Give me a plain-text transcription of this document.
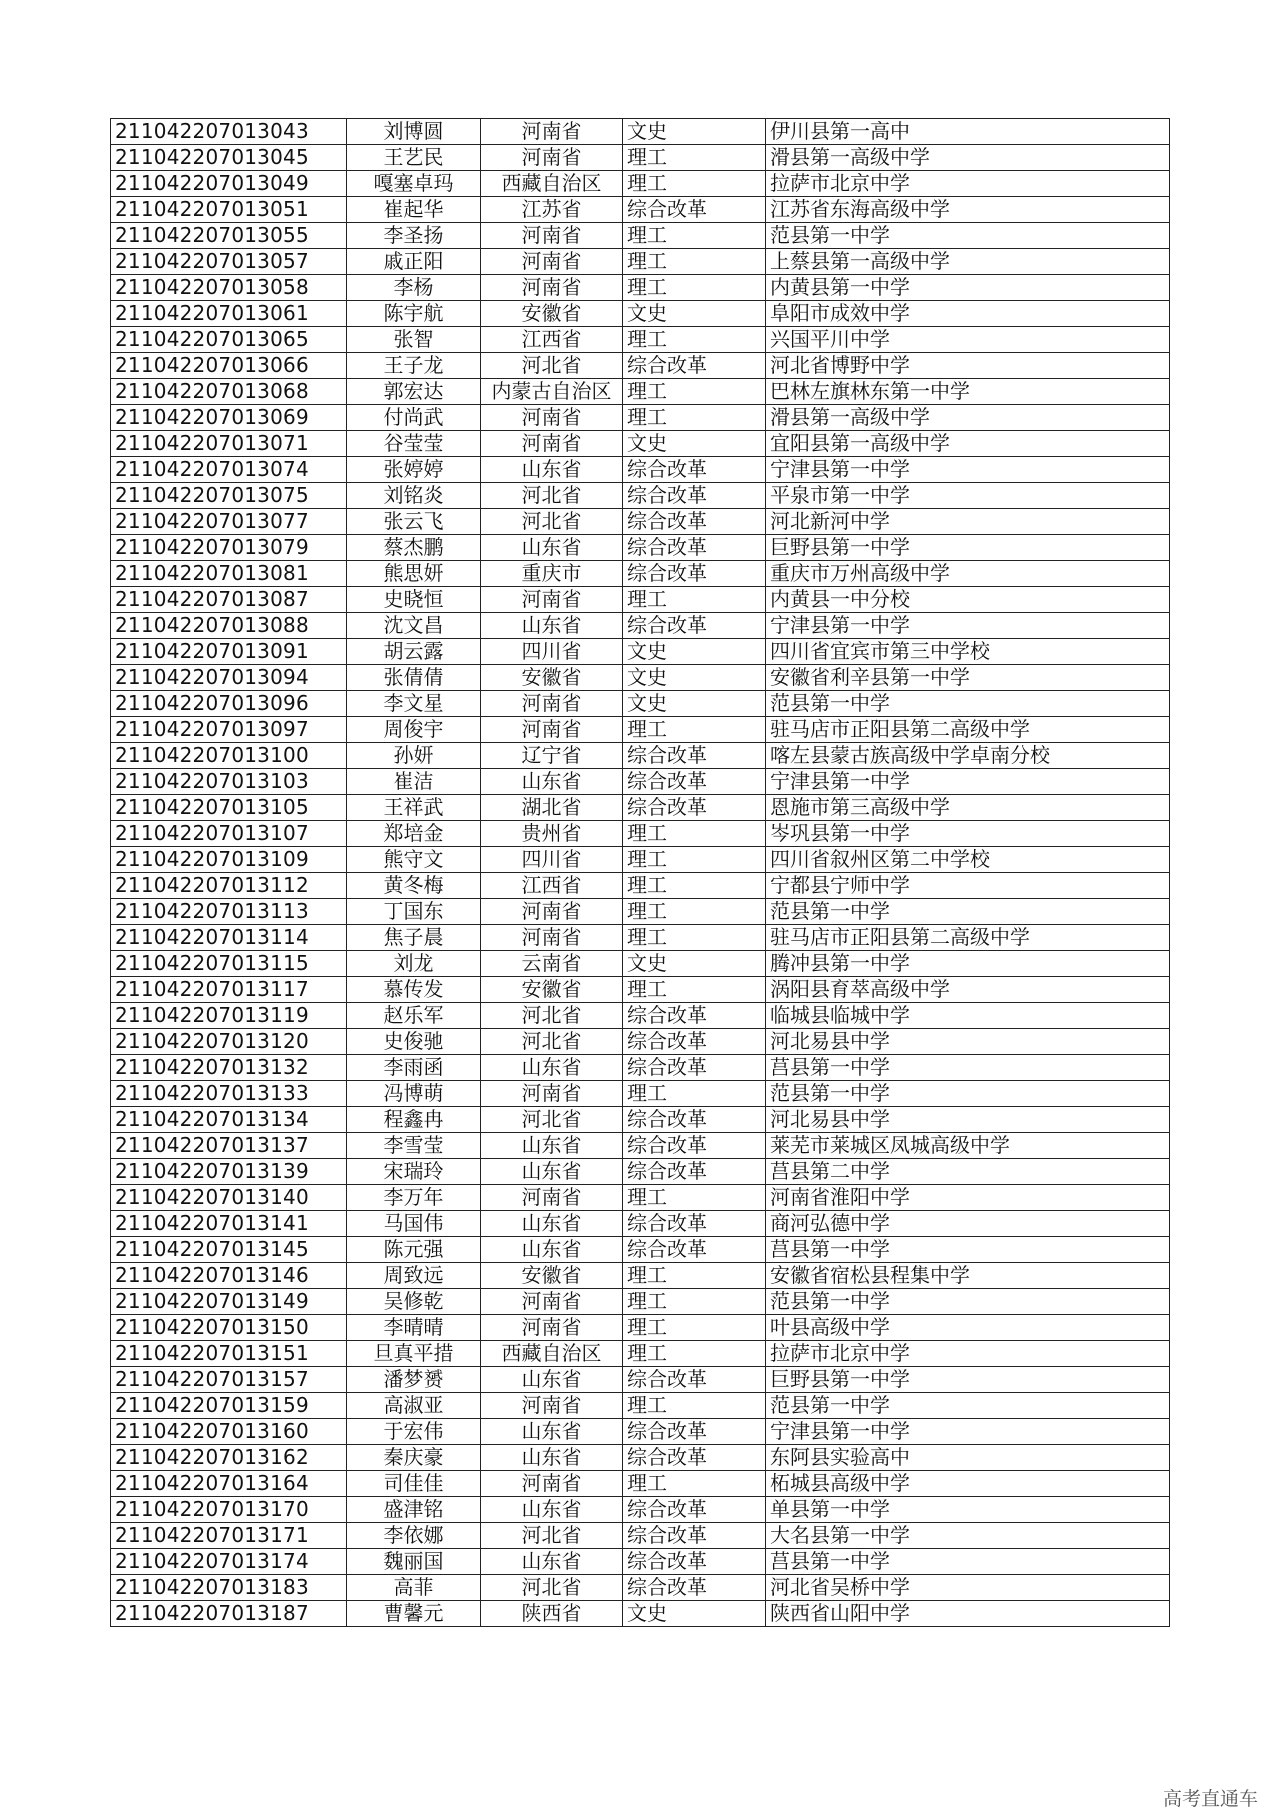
211042207013043	刘博圆	河南省	文史	伊川县第一高中
211042207013045	王艺民	河南省	理工	滑县第一高级中学
211042207013049	嘎塞卓玛	西藏自治区	理工	拉萨市北京中学
211042207013051	崔起华	江苏省	综合改革	江苏省东海高级中学
211042207013055	李圣扬	河南省	理工	范县第一中学
211042207013057	戚正阳	河南省	理工	上蔡县第一高级中学
211042207013058	李杨	河南省	理工	内黄县第一中学
211042207013061	陈宇航	安徽省	文史	阜阳市成效中学
211042207013065	张智	江西省	理工	兴国平川中学
211042207013066	王子龙	河北省	综合改革	河北省博野中学
211042207013068	郭宏达	内蒙古自治区	理工	巴林左旗林东第一中学
211042207013069	付尚武	河南省	理工	滑县第一高级中学
211042207013071	谷莹莹	河南省	文史	宜阳县第一高级中学
211042207013074	张婷婷	山东省	综合改革	宁津县第一中学
211042207013075	刘铭炎	河北省	综合改革	平泉市第一中学
211042207013077	张云飞	河北省	综合改革	河北新河中学
211042207013079	蔡杰鹏	山东省	综合改革	巨野县第一中学
211042207013081	熊思妍	重庆市	综合改革	重庆市万州高级中学
211042207013087	史晓恒	河南省	理工	内黄县一中分校
211042207013088	沈文昌	山东省	综合改革	宁津县第一中学
211042207013091	胡云露	四川省	文史	四川省宜宾市第三中学校
211042207013094	张倩倩	安徽省	文史	安徽省利辛县第一中学
211042207013096	李文星	河南省	文史	范县第一中学
211042207013097	周俊宇	河南省	理工	驻马店市正阳县第二高级中学
211042207013100	孙妍	辽宁省	综合改革	喀左县蒙古族高级中学卓南分校
211042207013103	崔洁	山东省	综合改革	宁津县第一中学
211042207013105	王祥武	湖北省	综合改革	恩施市第三高级中学
211042207013107	郑培金	贵州省	理工	岑巩县第一中学
211042207013109	熊守文	四川省	理工	四川省叙州区第二中学校
211042207013112	黄冬梅	江西省	理工	宁都县宁师中学
211042207013113	丁国东	河南省	理工	范县第一中学
211042207013114	焦子晨	河南省	理工	驻马店市正阳县第二高级中学
211042207013115	刘龙	云南省	文史	腾冲县第一中学
211042207013117	慕传发	安徽省	理工	涡阳县育萃高级中学
211042207013119	赵乐军	河北省	综合改革	临城县临城中学
211042207013120	史俊驰	河北省	综合改革	河北易县中学
211042207013132	李雨函	山东省	综合改革	莒县第一中学
211042207013133	冯博萌	河南省	理工	范县第一中学
211042207013134	程鑫冉	河北省	综合改革	河北易县中学
211042207013137	李雪莹	山东省	综合改革	莱芜市莱城区凤城高级中学
211042207013139	宋瑞玲	山东省	综合改革	莒县第二中学
211042207013140	李万年	河南省	理工	河南省淮阳中学
211042207013141	马国伟	山东省	综合改革	商河弘德中学
211042207013145	陈元强	山东省	综合改革	莒县第一中学
211042207013146	周致远	安徽省	理工	安徽省宿松县程集中学
211042207013149	吴修乾	河南省	理工	范县第一中学
211042207013150	李晴晴	河南省	理工	叶县高级中学
211042207013151	旦真平措	西藏自治区	理工	拉萨市北京中学
211042207013157	潘梦赟	山东省	综合改革	巨野县第一中学
211042207013159	高淑亚	河南省	理工	范县第一中学
211042207013160	于宏伟	山东省	综合改革	宁津县第一中学
211042207013162	秦庆豪	山东省	综合改革	东阿县实验高中
211042207013164	司佳佳	河南省	理工	柘城县高级中学
211042207013170	盛津铭	山东省	综合改革	单县第一中学
211042207013171	李依娜	河北省	综合改革	大名县第一中学
211042207013174	魏丽国	山东省	综合改革	莒县第一中学
211042207013183	高菲	河北省	综合改革	河北省吴桥中学
211042207013187	曹馨元	陕西省	文史	陕西省山阳中学
高考直通车
